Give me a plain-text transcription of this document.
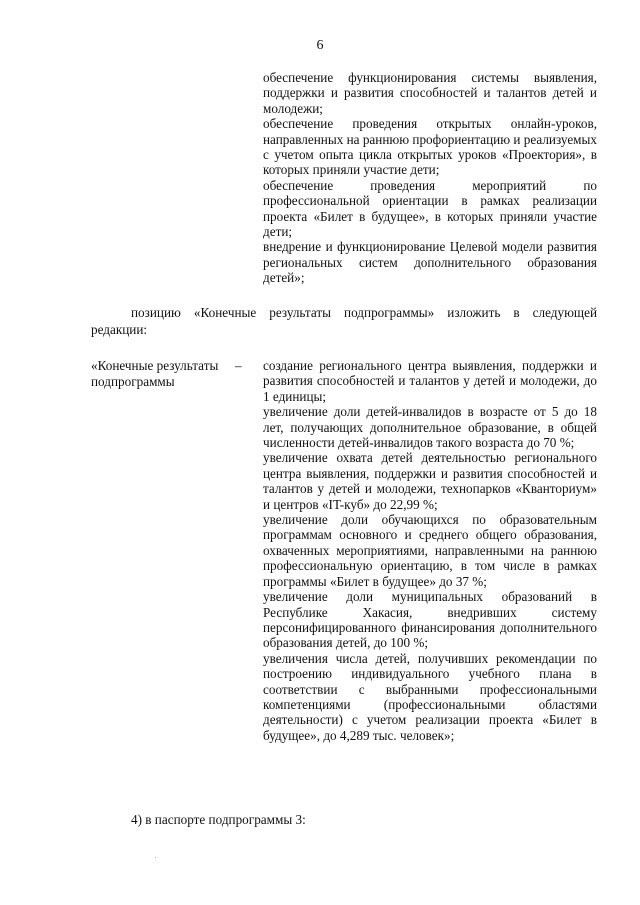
6

обеспечение функционирования системы выявления, поддержки и развития способностей и талантов детей и молодежи;

обеспечение проведения открытых онлайн-уроков, направленных на раннюю профориентацию и реализуемых с учетом опыта цикла открытых уроков «Проектория», в которых приняли участие дети;

обеспечение проведения мероприятий по профессиональной ориентации в рамках реализации проекта «Билет в будущее», в которых приняли участие дети;

внедрение и функционирование Целевой модели развития региональных систем дополнительного образования детей»;

позицию «Конечные результаты подпрограммы» изложить в следующей редакции:

«Конечные результаты подпрограммы
– создание регионального центра выявления, поддержки и развития способностей и талантов у детей и молодежи, до 1 единицы;

увеличение доли детей-инвалидов в возрасте от 5 до 18 лет, получающих дополнительное образование, в общей численности детей-инвалидов такого возраста до 70 %;

увеличение охвата детей деятельностью регионального центра выявления, поддержки и развития способностей и талантов у детей и молодежи, технопарков «Кванториум» и центров «IT-куб» до 22,99 %;

увеличение доли обучающихся по образовательным программам основного и среднего общего образования, охваченных мероприятиями, направленными на раннюю профессиональную ориентацию, в том числе в рамках программы «Билет в будущее» до 37 %;

увеличение доли муниципальных образований в Республике Хакасия, внедривших систему персонифицированного финансирования дополнительного образования детей, до 100 %;

увеличения числа детей, получивших рекомендации по построению индивидуального учебного плана в соответствии с выбранными профессиональными компетенциями (профессиональными областями деятельности) с учетом реализации проекта «Билет в будущее», до 4,289 тыс. человек»;

4) в паспорте подпрограммы 3:
